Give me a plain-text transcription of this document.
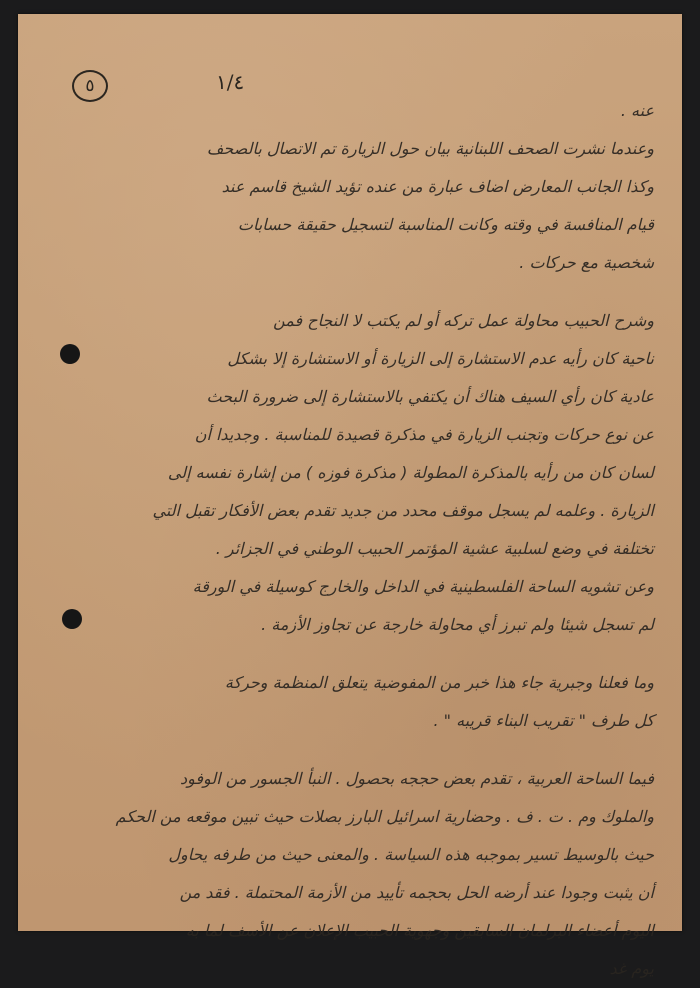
٥	١/٤
عنه .
وعندما نشرت الصحف اللبنانية بيان حول الزيارة تم الاتصال بالصحف
وكذا الجانب المعارض اضاف عبارة من عنده تؤيد الشيخ قاسم عند
قيام المنافسة في وقته وكانت المناسبة لتسجيل حقيقة حسابات
شخصية مع حركات .
وشرح الحبيب محاولة عمل تركه أو لم يكتب لا النجاح فمن
ناحية كان رأيه عدم الاستشارة إلى الزيارة أو الاستشارة إلا بشكل
عادية كان رأي السيف هناك أن يكتفي بالاستشارة إلى ضرورة البحث
عن نوع حركات وتجنب الزيارة في مذكرة قصيدة للمناسبة . وجديدا أن
لسان كان من رأيه بالمذكرة المطولة ( مذكرة فوزه ) من إشارة نفسه إلى
الزيارة . وعلمه لم يسجل موقف محدد من جديد تقدم بعض الأفكار تقبل التي
تختلفة في وضع لسلبية عشية المؤتمر الحبيب الوطني في الجزائر .
وعن تشويه الساحة الفلسطينية في الداخل والخارج كوسيلة في الورقة
لم تسجل شيئا ولم تبرز أي محاولة خارجة عن تجاوز الأزمة .
وما فعلنا وجبرية جاء هذا خبر من المفوضية يتعلق المنظمة وحركة
كل طرف " تقريب البناء قريبه " .
فيما الساحة العربية ، تقدم بعض حججه بحصول . النبأ الجسور من الوفود
والملوك وم . ت . ف . وحضارية اسرائيل البارز بصلات حيث تبين موقعه من الحكم
حيث بالوسيط تسير بموجبه هذه السياسة . والمعنى حيث من طرفه يحاول
أن يثبت وجودا عند أرضه الحل بحجمه تأييد من الأزمة المحتملة . فقد من
اليوم أعضاء البرلمان السابقين وجهوية الحبيب الإعلان عن الأسف لما به
يوم غد
